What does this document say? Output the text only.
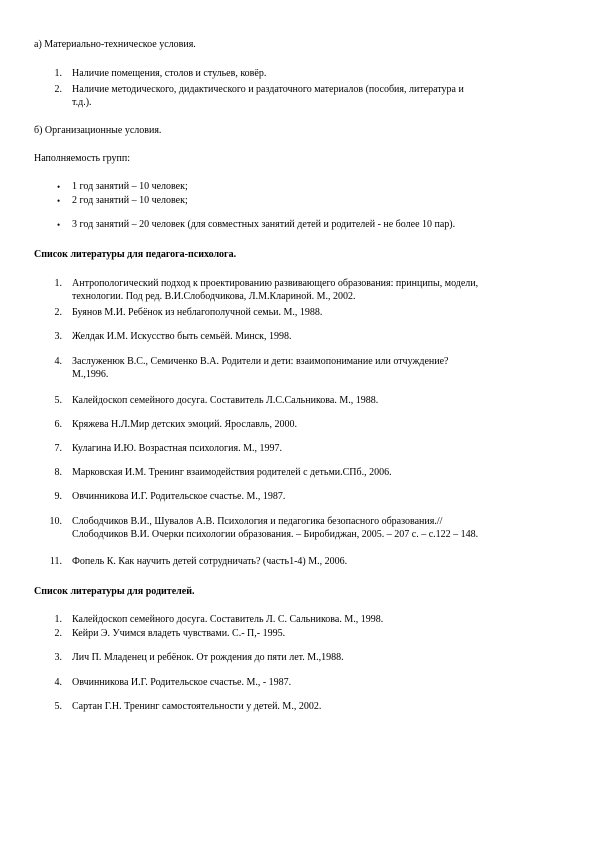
а) Материально-техническое условия.
1. Наличие помещения, столов и стульев, ковёр.
2. Наличие методического, дидактического и раздаточного материалов (пособия, литература и
т.д.).
б) Организационные условия.
Наполняемость групп:
• 1 год занятий – 10 человек;
• 2 год занятий – 10 человек;
• 3 год занятий – 20 человек (для совместных занятий детей и родителей - не более 10 пар).
Список литературы для педагога-психолога.
1. Антропологический подход к проектированию развивающего образования: принципы, модели,
технологии. Под ред. В.И.Слободчикова, Л.М.Клариной. М., 2002.
2. Буянов М.И. Ребёнок из неблагополучной семьи. М., 1988.
3. Желдак И.М. Искусство быть семьёй. Минск, 1998.
4. Заслуженюк В.С., Семиченко В.А. Родители и дети: взаимопонимание или отчуждение?
М.,1996.
5. Калейдоскоп семейного досуга. Составитель Л.С.Сальникова. М., 1988.
6. Кряжева Н.Л.Мир детских эмоций. Ярославль, 2000.
7. Кулагина И.Ю. Возрастная психология. М., 1997.
8. Марковская И.М. Тренинг взаимодействия родителей с детьми.СПб., 2006.
9. Овчинникова И.Г. Родительское счастье. М., 1987.
10. Слободчиков В.И., Шувалов А.В. Психология и педагогика безопасного образования.//
Слободчиков В.И. Очерки психологии образования. – Биробиджан, 2005. – 207 с. – с.122 – 148.
11. Фопель К. Как научить детей сотрудничать? (часть1-4) М., 2006.
Список литературы для родителей.
1. Калейдоскоп семейного досуга. Составитель Л. С. Сальникова. М., 1998.
2. Кейри Э. Учимся владеть чувствами. С.- П,- 1995.
3. Лич П. Младенец и ребёнок. От рождения до пяти лет. М.,1988.
4. Овчинникова И.Г. Родительское счастье. М., - 1987.
5. Сартан Г.Н. Тренинг самостоятельности у детей. М., 2002.
